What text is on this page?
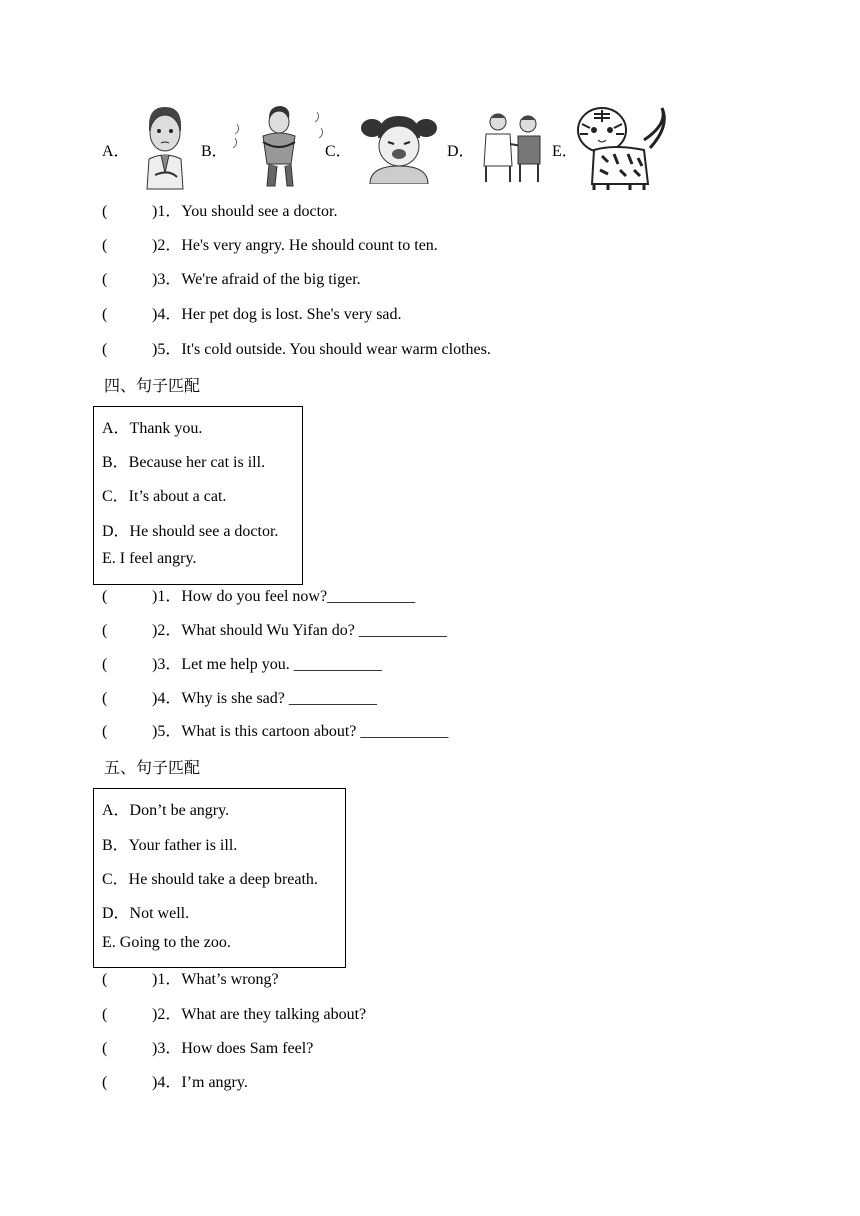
A．	B．	C．	D．	E．
(	)1．You should see a doctor.
(	)2．He's very angry. He should count to ten.
(	)3．We're afraid of the big tiger.
(	)4．Her pet dog is lost. She's very sad.
(	)5．It's cold outside. You should wear warm clothes.
四、句子匹配
A．Thank you.
B．Because her cat is ill.
C．It’s about a cat.
D．He should see a doctor.
E. I feel angry.
(	)1．How do you feel now?___________
(	)2．What should Wu Yifan do? ___________
(	)3．Let me help you. ___________
(	)4．Why is she sad? ___________
(	)5．What is this cartoon about? ___________
五、句子匹配
A．Don’t be angry.
B．Your father is ill.
C．He should take a deep breath.
D．Not well.
E. Going to the zoo.
(	)1．What’s wrong?
(	)2．What are they talking about?
(	)3．How does Sam feel?
(	)4．I’m angry.
